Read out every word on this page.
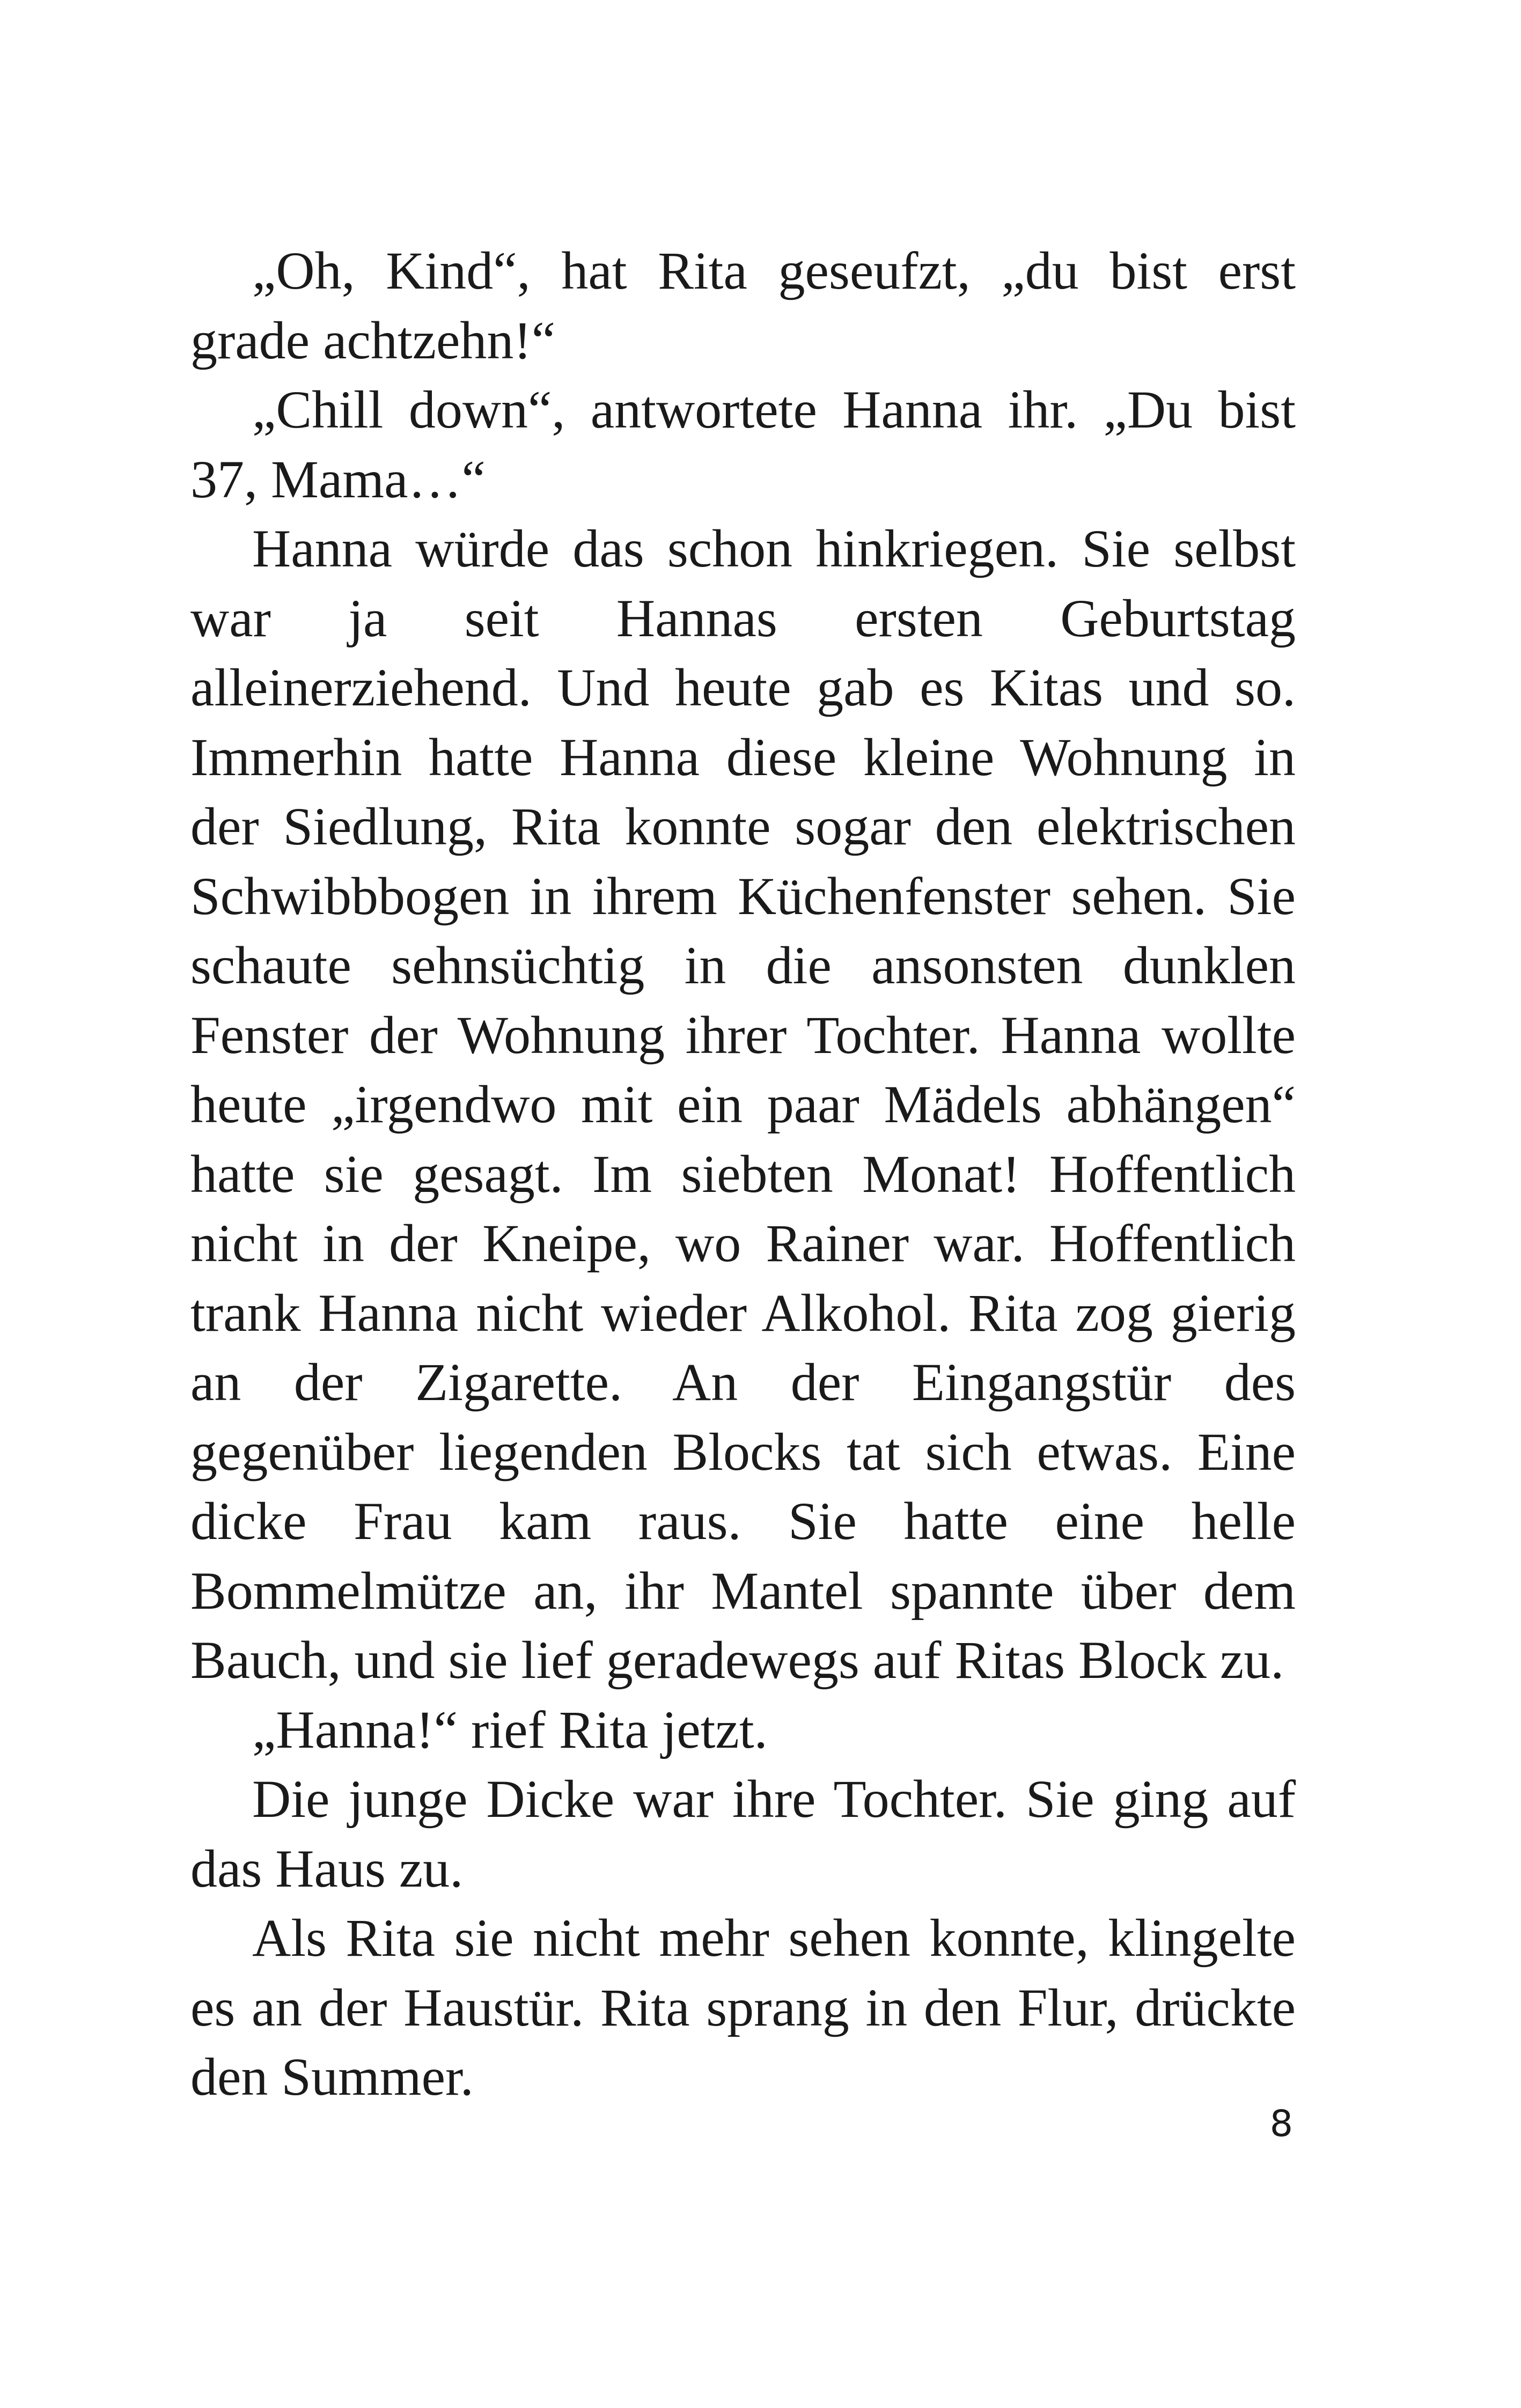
„Oh, Kind“, hat Rita geseufzt, „du bist erst grade achtzehn!“

„Chill down“, antwortete Hanna ihr. „Du bist 37, Mama…“

Hanna würde das schon hinkriegen. Sie selbst war ja seit Hannas ersten Geburtstag alleinerziehend. Und heute gab es Kitas und so. Immerhin hatte Hanna diese kleine Wohnung in der Siedlung, Rita konnte sogar den elektrischen Schwibbbogen in ihrem Küchenfenster sehen. Sie schaute sehnsüchtig in die ansonsten dunklen Fenster der Wohnung ihrer Tochter. Hanna wollte heute „irgendwo mit ein paar Mädels abhängen“ hatte sie gesagt. Im siebten Monat! Hoffentlich nicht in der Kneipe, wo Rainer war. Hoffentlich trank Hanna nicht wieder Alkohol. Rita zog gierig an der Zigarette. An der Eingangstür des gegenüber liegenden Blocks tat sich etwas. Eine dicke Frau kam raus. Sie hatte eine helle Bommelmütze an, ihr Mantel spannte über dem Bauch, und sie lief geradewegs auf Ritas Block zu.

„Hanna!“ rief Rita jetzt.

Die junge Dicke war ihre Tochter. Sie ging auf das Haus zu.

Als Rita sie nicht mehr sehen konnte, klingelte es an der Haustür. Rita sprang in den Flur, drückte den Summer.

8
